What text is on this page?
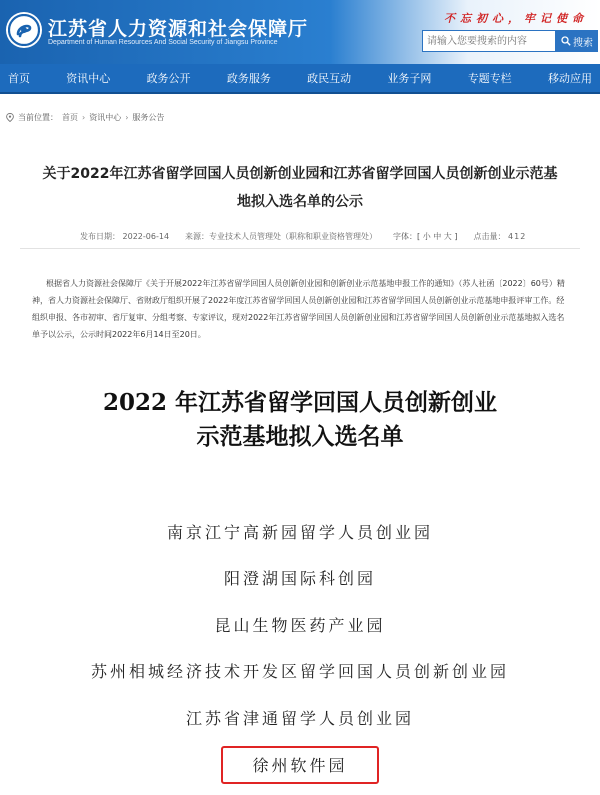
江苏省人力资源和社会保障厅
Department of Human Resources And Social Security of Jiangsu Province
不忘初心，牢记使命
请输入您要搜索的内容
搜索
首页	资讯中心	政务公开	政务服务	政民互动	业务子网	专题专栏	移动应用
当前位置： 首页 › 资讯中心 › 服务公告
关于2022年江苏省留学回国人员创新创业园和江苏省留学回国人员创新创业示范基
地拟入选名单的公示
发布日期： 2022-06-14 来源：专业技术人员管理处（职称和职业资格管理处） 字体：[ 小 中 大 ] 点击量： 412
根据省人力资源社会保障厅《关于开展2022年江苏省留学回国人员创新创业园和创新创业示范基地申报工作的通知》（苏人社函〔2022〕60号）精神，省人力资源社会保障厅、省财政厅组织开展了2022年度江苏省留学回国人员创新创业园和江苏省留学回国人员创新创业示范基地申报评审工作。经组织申报、各市初审、省厅复审、分组考察、专家评议，现对2022年江苏省留学回国人员创新创业园和江苏省留学回国人员创新创业示范基地拟入选名单予以公示，公示时间2022年6月14日至20日。
2022 年江苏省留学回国人员创新创业
示范基地拟入选名单
南京江宁高新园留学人员创业园
阳澄湖国际科创园
昆山生物医药产业园
苏州相城经济技术开发区留学回国人员创新创业园
江苏省津通留学人员创业园
徐州软件园
